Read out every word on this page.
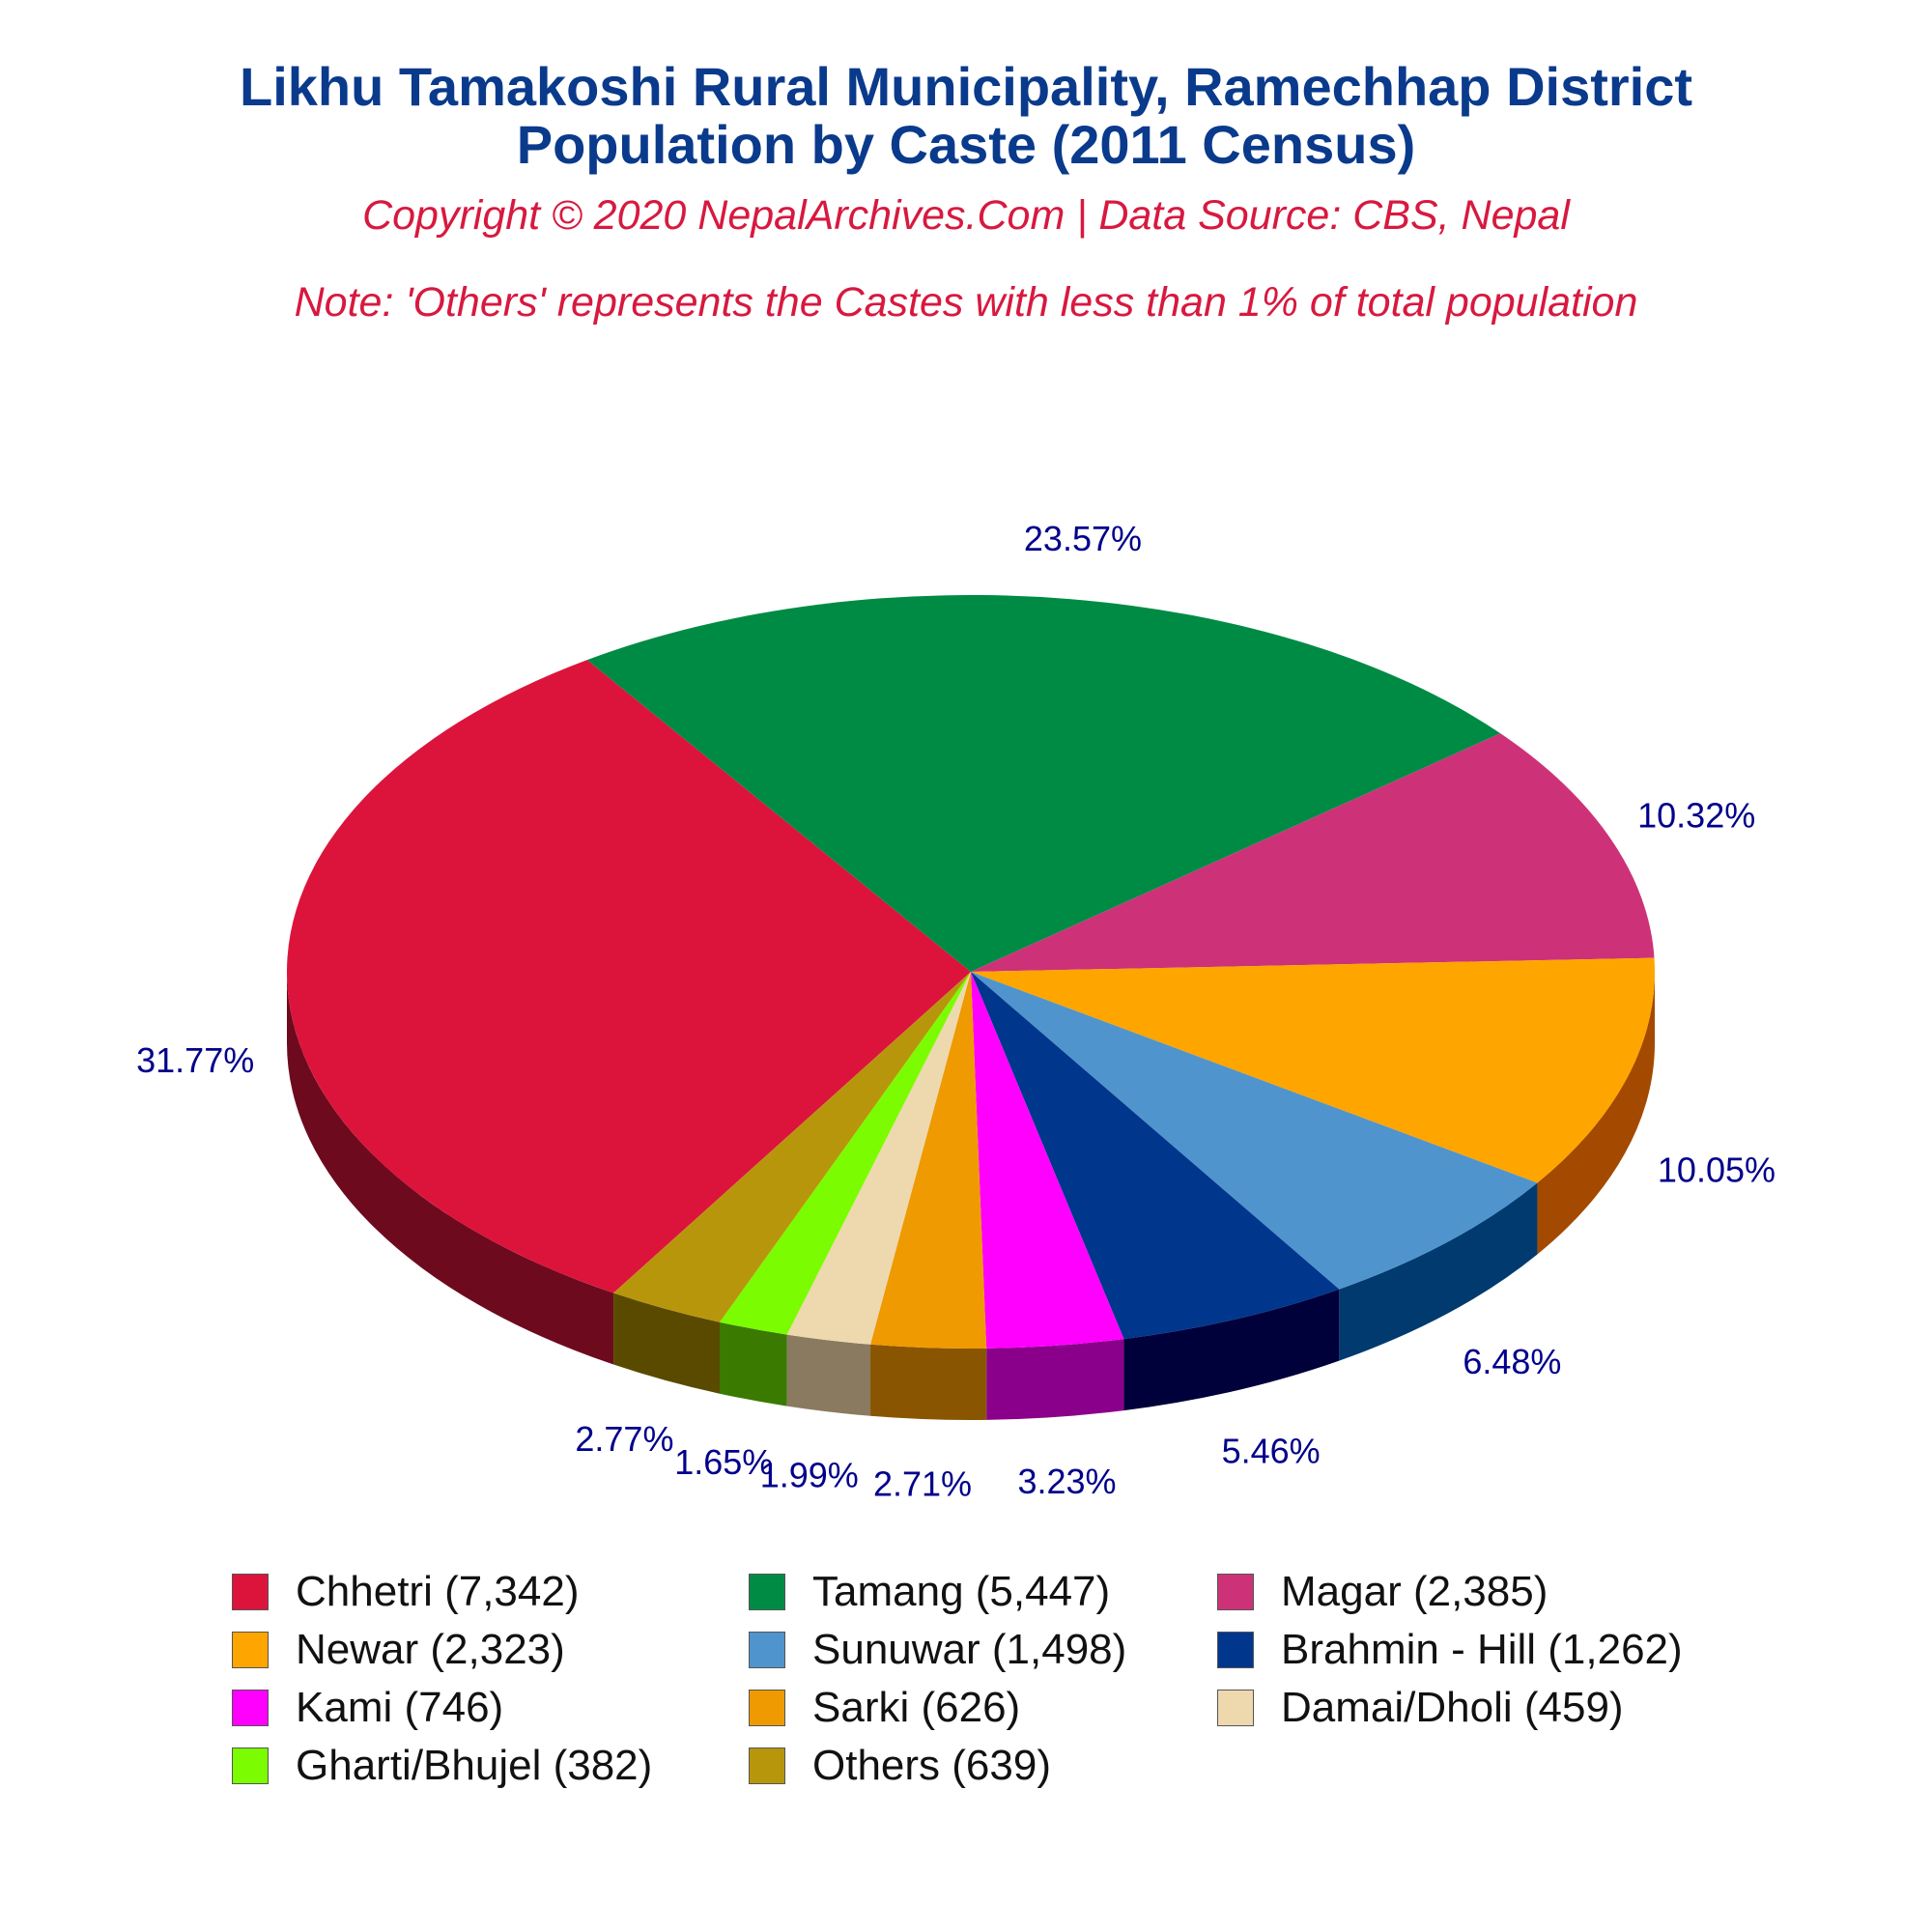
Likhu Tamakoshi Rural Municipality, Ramechhap District
Population by Caste (2011 Census)
Copyright © 2020 NepalArchives.Com | Data Source: CBS, Nepal
Note: 'Others' represents the Castes with less than 1% of total population
31.77%
23.57%
10.32%
10.05%
6.48%
5.46%
3.23%
2.71%
1.99%
1.65%
2.77%
Chhetri (7,342)	Tamang (5,447)	Magar (2,385)
Newar (2,323)	Sunuwar (1,498)	Brahmin - Hill (1,262)
Kami (746)	Sarki (626)	Damai/Dholi (459)
Gharti/Bhujel (382)	Others (639)
